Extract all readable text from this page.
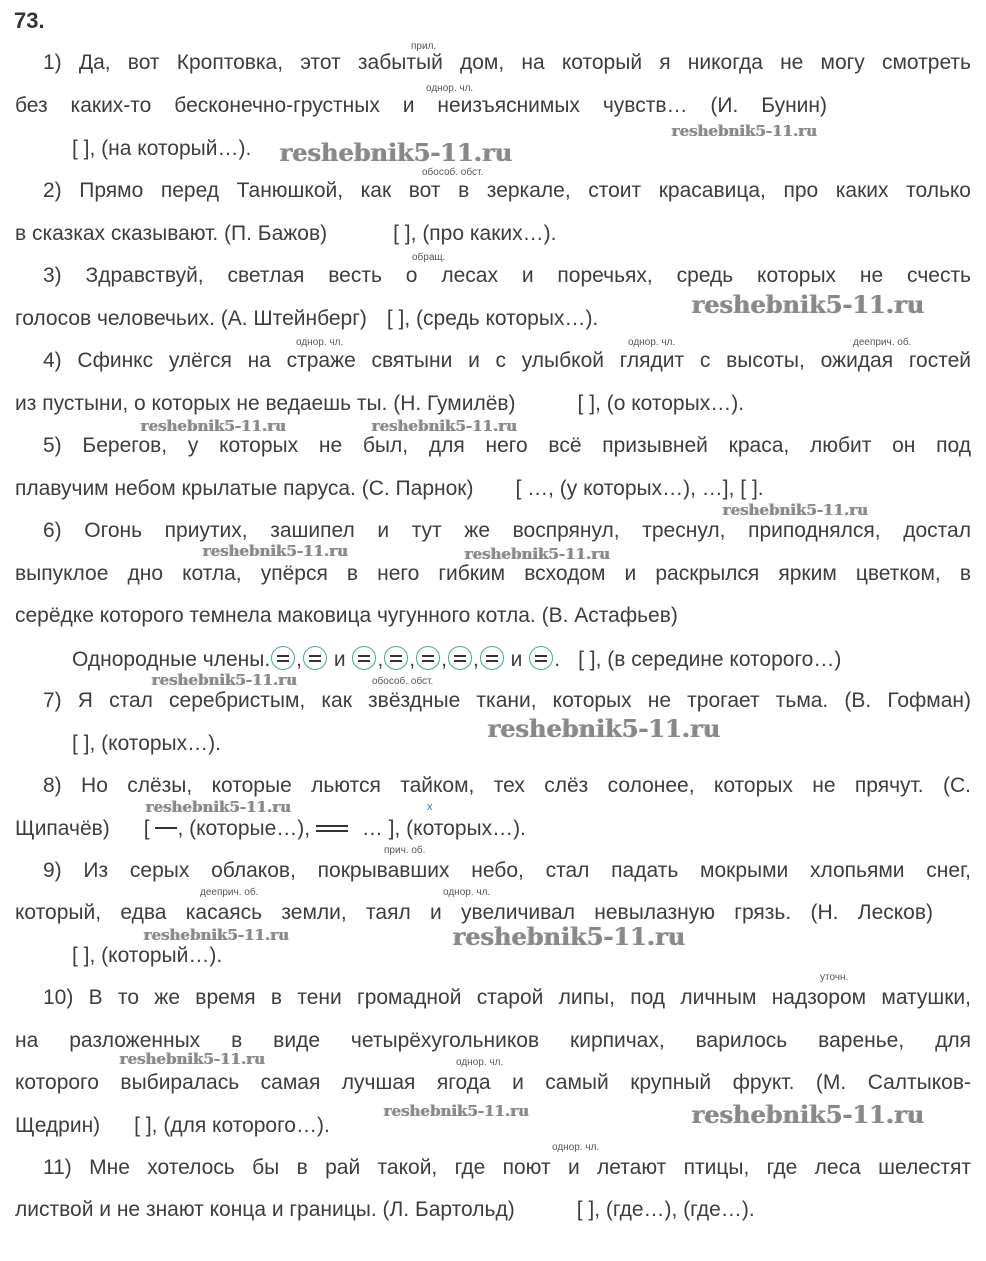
73.
1) Да, вот Кроптовка, этот забытый дом, на который я никогда не могу смотреть
без каких-то бесконечно-грустных и неизъяснимых чувств… (И. Бунин)
[ ], (на который…).
2) Прямо перед Танюшкой, как вот в зеркале, стоит красавица, про каких только
в сказках сказывают. (П. Бажов)	[ ], (про каких…).
3) Здравствуй, светлая весть о лесах и поречьях, средь которых не счесть
голосов человечьих. (А. Штейнберг) [ ], (средь которых…).
4) Сфинкс улёгся на страже святыни и с улыбкой глядит с высоты, ожидая гостей
из пустыни, о которых не ведаешь ты. (Н. Гумилёв)	[ ], (о которых…).
5) Берегов, у которых не был, для него всё призывней краса, любит он под
плавучим небом крылатые паруса. (С. Парнок) [ …, (у которых…), …], [ ].
6) Огонь приутих, зашипел и тут же воспрянул, треснул, приподнялся, достал
выпуклое дно котла, упёрся в него гибким всходом и раскрылся ярким цветком, в
серёдке которого темнела маковица чугунного котла. (В. Астафьев)
Однородные члены. , и , , , , и . [ ], (в середине которого…)
7) Я стал серебристым, как звёздные ткани, которых не трогает тьма. (В. Гофман)
[ ], (которых…).
8) Но слёзы, которые льются тайком, тех слёз солонее, которых не прячут. (С.
Щипачёв) [ , (которые…), … ], (которых…).
9) Из серых облаков, покрывавших небо, стал падать мокрыми хлопьями снег,
который, едва касаясь земли, таял и увеличивал невылазную грязь. (Н. Лесков)
[ ], (который…).
10) В то же время в тени громадной старой липы, под личным надзором матушки,
на разложенных в виде четырёхугольников кирпичах, варилось варенье, для
которого выбиралась самая лучшая ягода и самый крупный фрукт. (М. Салтыков-
Щедрин) [ ], (для которого…).
11) Мне хотелось бы в рай такой, где поют и летают птицы, где леса шелестят
листвой и не знают конца и границы. (Л. Бартольд)	[ ], (где…), (где…).
прил.
однор. чл.
обособ. обст.
обращ.
однор. чл.	однор. чл.	дееприч. об.
обособ. обст.
х
прич. об.
дееприч. об.	однор. чл.
уточн.
однор. чл.
однор. чл.
reshebnik5-11.ru
reshebnik5-11.ru
reshebnik5-11.ru
reshebnik5-11.ru	reshebnik5-11.ru
reshebnik5-11.ru
reshebnik5-11.ru	reshebnik5-11.ru
reshebnik5-11.ru
reshebnik5-11.ru
reshebnik5-11.ru
reshebnik5-11.ru	reshebnik5-11.ru
reshebnik5-11.ru
reshebnik5-11.ru	reshebnik5-11.ru
